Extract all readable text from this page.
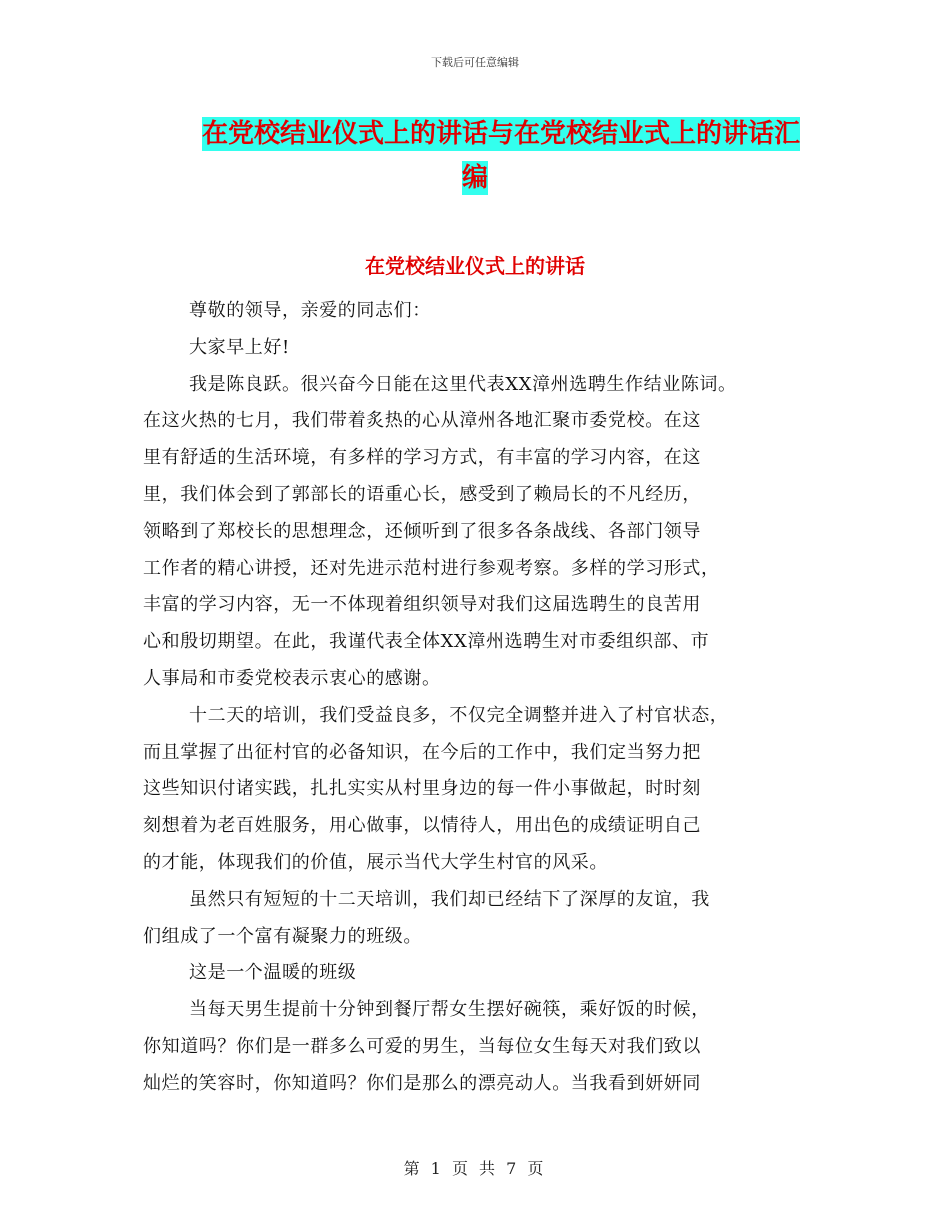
下载后可任意编辑
在党校结业仪式上的讲话与在党校结业式上的讲话汇
编
在党校结业仪式上的讲话

尊敬的领导，亲爱的同志们：

大家早上好!

我是陈良跃。很兴奋今日能在这里代表XX漳州选聘生作结业陈词。

在这火热的七月，我们带着炙热的心从漳州各地汇聚市委党校。在这

里有舒适的生活环境，有多样的学习方式，有丰富的学习内容，在这

里，我们体会到了郭部长的语重心长，感受到了赖局长的不凡经历，

领略到了郑校长的思想理念，还倾听到了很多各条战线、各部门领导

工作者的精心讲授，还对先进示范村进行参观考察。多样的学习形式，

丰富的学习内容，无一不体现着组织领导对我们这届选聘生的良苦用

心和殷切期望。在此，我谨代表全体XX漳州选聘生对市委组织部、市

人事局和市委党校表示衷心的感谢。

十二天的培训，我们受益良多，不仅完全调整并进入了村官状态，

而且掌握了出征村官的必备知识，在今后的工作中，我们定当努力把

这些知识付诸实践，扎扎实实从村里身边的每一件小事做起，时时刻

刻想着为老百姓服务，用心做事，以情待人，用出色的成绩证明自己

的才能，体现我们的价值，展示当代大学生村官的风采。

虽然只有短短的十二天培训，我们却已经结下了深厚的友谊，我

们组成了一个富有凝聚力的班级。

这是一个温暖的班级

当每天男生提前十分钟到餐厅帮女生摆好碗筷，乘好饭的时候，

你知道吗？你们是一群多么可爱的男生，当每位女生每天对我们致以

灿烂的笑容时，你知道吗？你们是那么的漂亮动人。当我看到妍妍同

第 1 页 共 7 页
